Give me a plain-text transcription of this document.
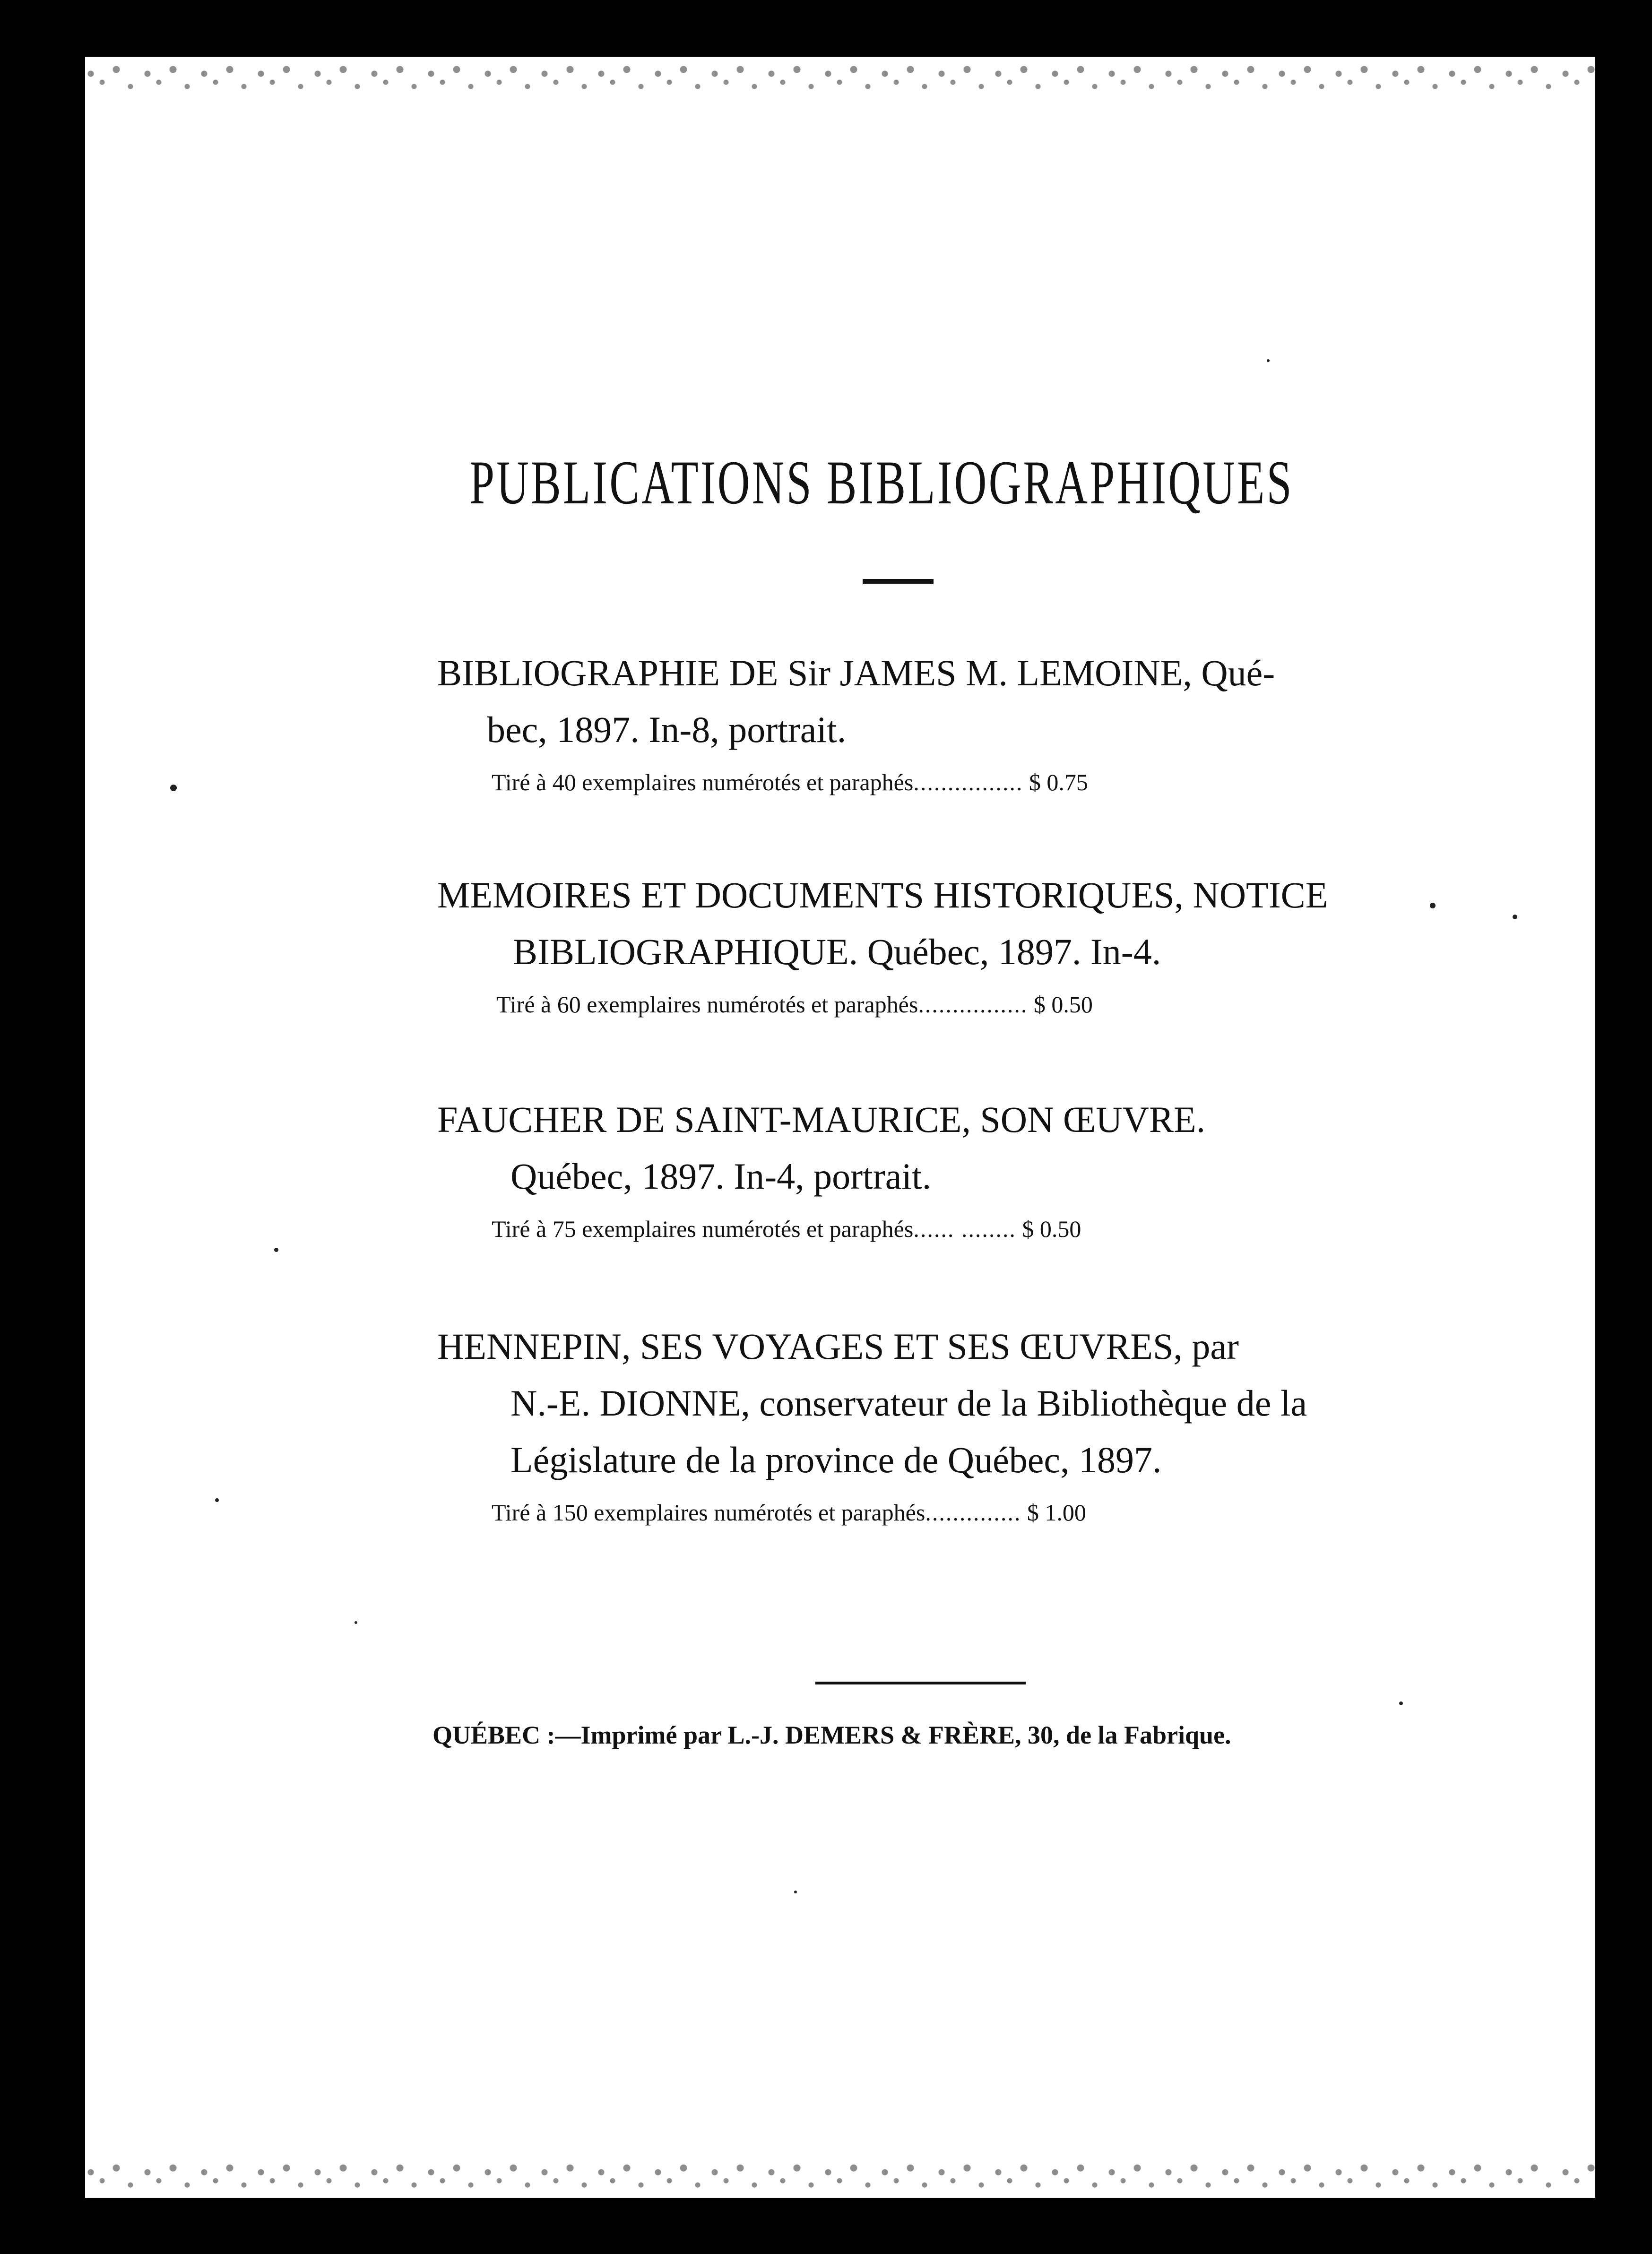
PUBLICATIONS BIBLIOGRAPHIQUES
BIBLIOGRAPHIE DE Sir JAMES M. LEMOINE, Qué-
bec, 1897. In-8, portrait.
Tiré à 40 exemplaires numérotés et paraphés................ $ 0.75
MEMOIRES ET DOCUMENTS HISTORIQUES, NOTICE
BIBLIOGRAPHIQUE. Québec, 1897. In-4.
Tiré à 60 exemplaires numérotés et paraphés................ $ 0.50
FAUCHER DE SAINT-MAURICE, SON ŒUVRE.
Québec, 1897. In-4, portrait.
Tiré à 75 exemplaires numérotés et paraphés...... ........ $ 0.50
HENNEPIN, SES VOYAGES ET SES ŒUVRES, par
N.-E. DIONNE, conservateur de la Bibliothèque de la
Législature de la province de Québec, 1897.
Tiré à 150 exemplaires numérotés et paraphés.............. $ 1.00
QUÉBEC :—Imprimé par L.-J. DEMERS & FRÈRE, 30, de la Fabrique.
